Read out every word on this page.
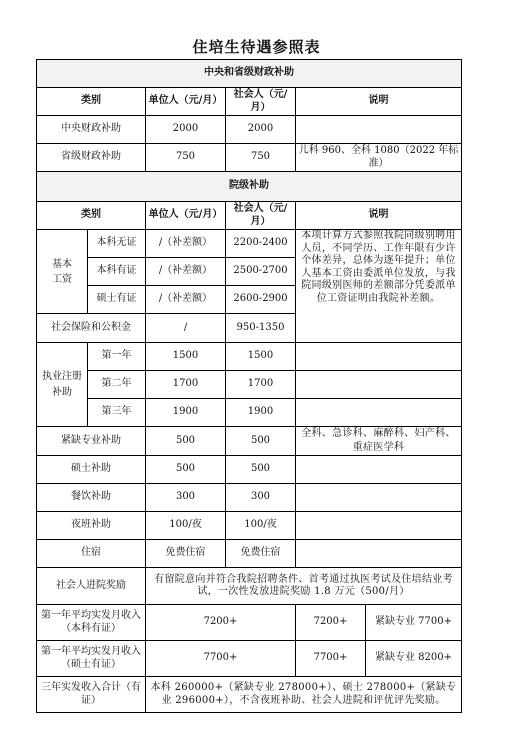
住培生待遇参照表
中央和省级财政补助					
类别		单位人（元/月）	社会人（元/月）	说明	
中央财政补助		2000	2000		
省级财政补助		750	750	儿科 960、全科 1080（2022 年标准）	
院级补助					
类别		单位人（元/月）	社会人（元/月）	说明	

基本工资	本科无证	/（补差额）	2200-2400	本项计算方式参照我院同级别聘用人员，不同学历、工作年限有少许个体差异，总体为逐年提升；单位人基本工资由委派单位发放，与我院同级别医师的差额部分凭委派单位工资证明由我院补差额。	
	本科有证	/（补差额）	2500-2700		
	硕士有证	/（补差额）	2600-2900		
社会保险和公积金		/	950-1350		

执业注册补助	第一年	1500	1500		
	第二年	1700	1700		
	第三年	1900	1900		
紧缺专业补助		500	500	全科、急诊科、麻醉科、妇产科、重症医学科	
硕士补助		500	500		
餐饮补助		300	300		
夜班补助		100/夜	100/夜		
住宿		免费住宿	免费住宿		
社会人进院奖励		有留院意向并符合我院招聘条件、首考通过执医考试及住培结业考试，一次性发放进院奖励 1.8 万元（500/月）			
第一年平均实发月收入（本科有证）		7200+		7200+	紧缺专业 7700+
第一年平均实发月收入（硕士有证）		7700+		7700+	紧缺专业 8200+
三年实发收入合计（有证）		本科 260000+（紧缺专业 278000+）、硕士 278000+（紧缺专业 296000+），不含夜班补助、社会人进院和评优评先奖励。			
